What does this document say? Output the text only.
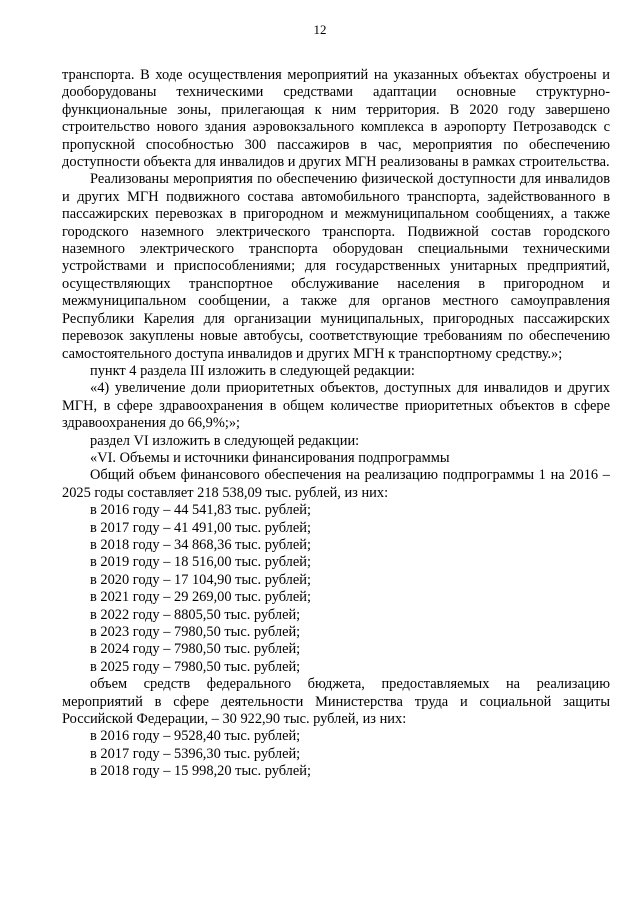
12

транспорта. В ходе осуществления мероприятий на указанных объектах обустроены и дооборудованы техническими средствами адаптации основные структурно-функциональные зоны, прилегающая к ним территория. В 2020 году завершено строительство нового здания аэровокзального комплекса в аэропорту Петрозаводск с пропускной способностью 300 пассажиров в час, мероприятия по обеспечению доступности объекта для инвалидов и других МГН реализованы в рамках строительства.

Реализованы мероприятия по обеспечению физической доступности для инвалидов и других МГН подвижного состава автомобильного транспорта, задействованного в пассажирских перевозках в пригородном и межмуниципальном сообщениях, а также городского наземного электрического транспорта. Подвижной состав городского наземного электрического транспорта оборудован специальными техническими устройствами и приспособлениями; для государственных унитарных предприятий, осуществляющих транспортное обслуживание населения в пригородном и межмуниципальном сообщении, а также для органов местного самоуправления Республики Карелия для организации муниципальных, пригородных пассажирских перевозок закуплены новые автобусы, соответствующие требованиям по обеспечению самостоятельного доступа инвалидов и других МГН к транспортному средству.»;

пункт 4 раздела III изложить в следующей редакции:

«4) увеличение доли приоритетных объектов, доступных для инвалидов и других МГН, в сфере здравоохранения в общем количестве приоритетных объектов в сфере здравоохранения до 66,9%;»;

раздел VI изложить в следующей редакции:

«VI. Объемы и источники финансирования подпрограммы

Общий объем финансового обеспечения на реализацию подпрограммы 1 на 2016 – 2025 годы составляет 218 538,09 тыс. рублей, из них:

в 2016 году – 44 541,83 тыс. рублей;

в 2017 году – 41 491,00 тыс. рублей;

в 2018 году – 34 868,36 тыс. рублей;

в 2019 году – 18 516,00 тыс. рублей;

в 2020 году – 17 104,90 тыс. рублей;

в 2021 году – 29 269,00 тыс. рублей;

в 2022 году – 8805,50 тыс. рублей;

в 2023 году – 7980,50 тыс. рублей;

в 2024 году – 7980,50 тыс. рублей;

в 2025 году – 7980,50 тыс. рублей;

объем средств федерального бюджета, предоставляемых на реализацию мероприятий в сфере деятельности Министерства труда и социальной защиты Российской Федерации, – 30 922,90 тыс. рублей, из них:

в 2016 году – 9528,40 тыс. рублей;

в 2017 году – 5396,30 тыс. рублей;

в 2018 году – 15 998,20 тыс. рублей;
